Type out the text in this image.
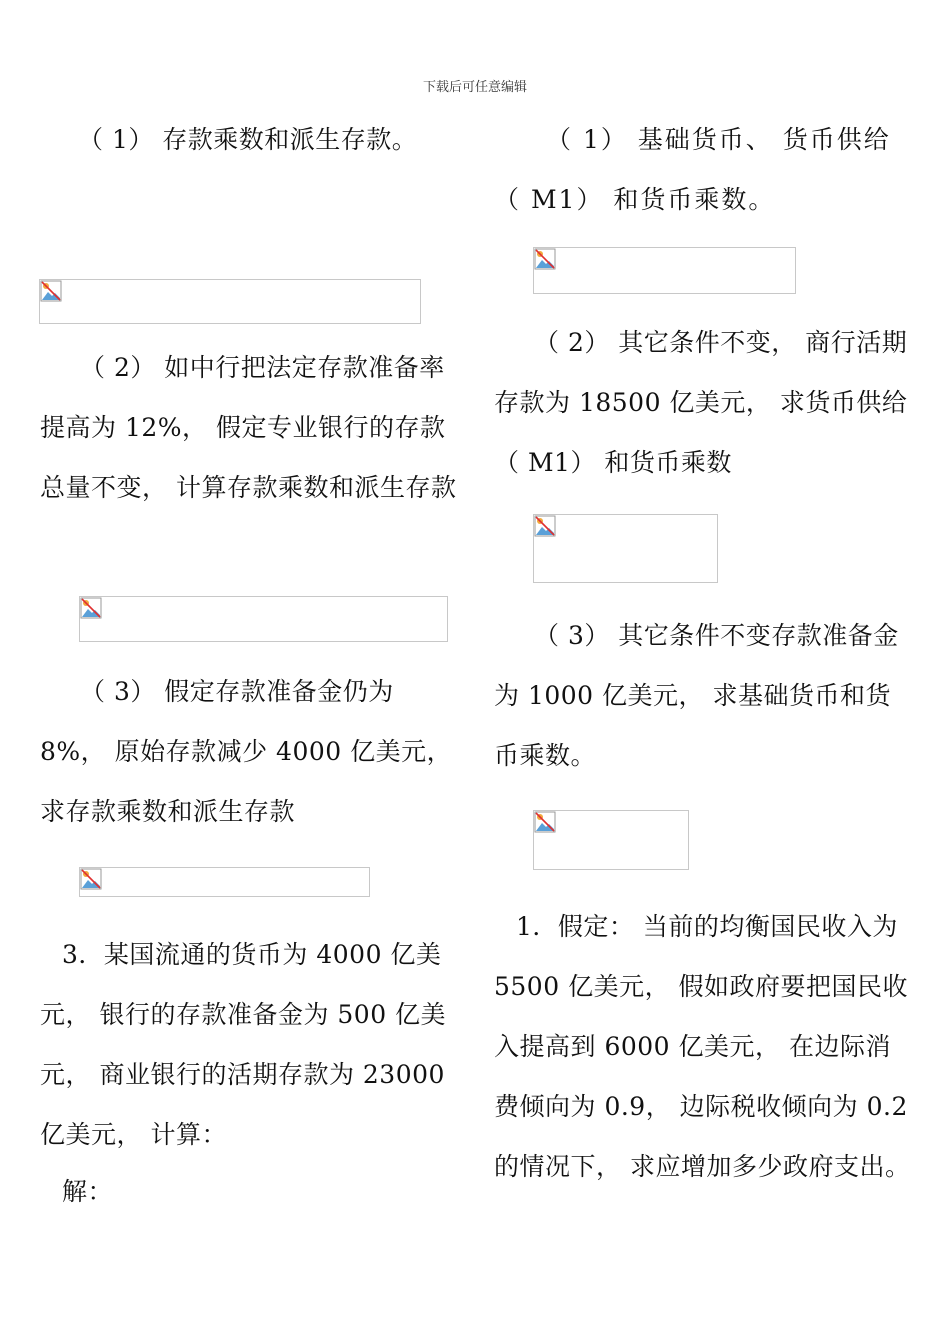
下载后可任意编辑

（ 1） 存款乘数和派生存款。

（ 2） 如中行把法定存款准备率提高为 12%， 假定专业银行的存款总量不变， 计算存款乘数和派生存款

（ 3） 假定存款准备金仍为 8%， 原始存款减少 4000 亿美元， 求存款乘数和派生存款

3．某国流通的货币为 4000 亿美元， 银行的存款准备金为 500 亿美元， 商业银行的活期存款为 23000 亿美元， 计算：

解：

（ 1） 基础货币、 货币供给（ M1） 和货币乘数。

（ 2） 其它条件不变， 商行活期存款为 18500 亿美元， 求货币供给（ M1） 和货币乘数

（ 3） 其它条件不变存款准备金为 1000 亿美元， 求基础货币和货币乘数。

1．假定： 当前的均衡国民收入为 5500 亿美元， 假如政府要把国民收入提高到 6000 亿美元， 在边际消费倾向为 0.9， 边际税收倾向为 0.2 的情况下， 求应增加多少政府支出。
